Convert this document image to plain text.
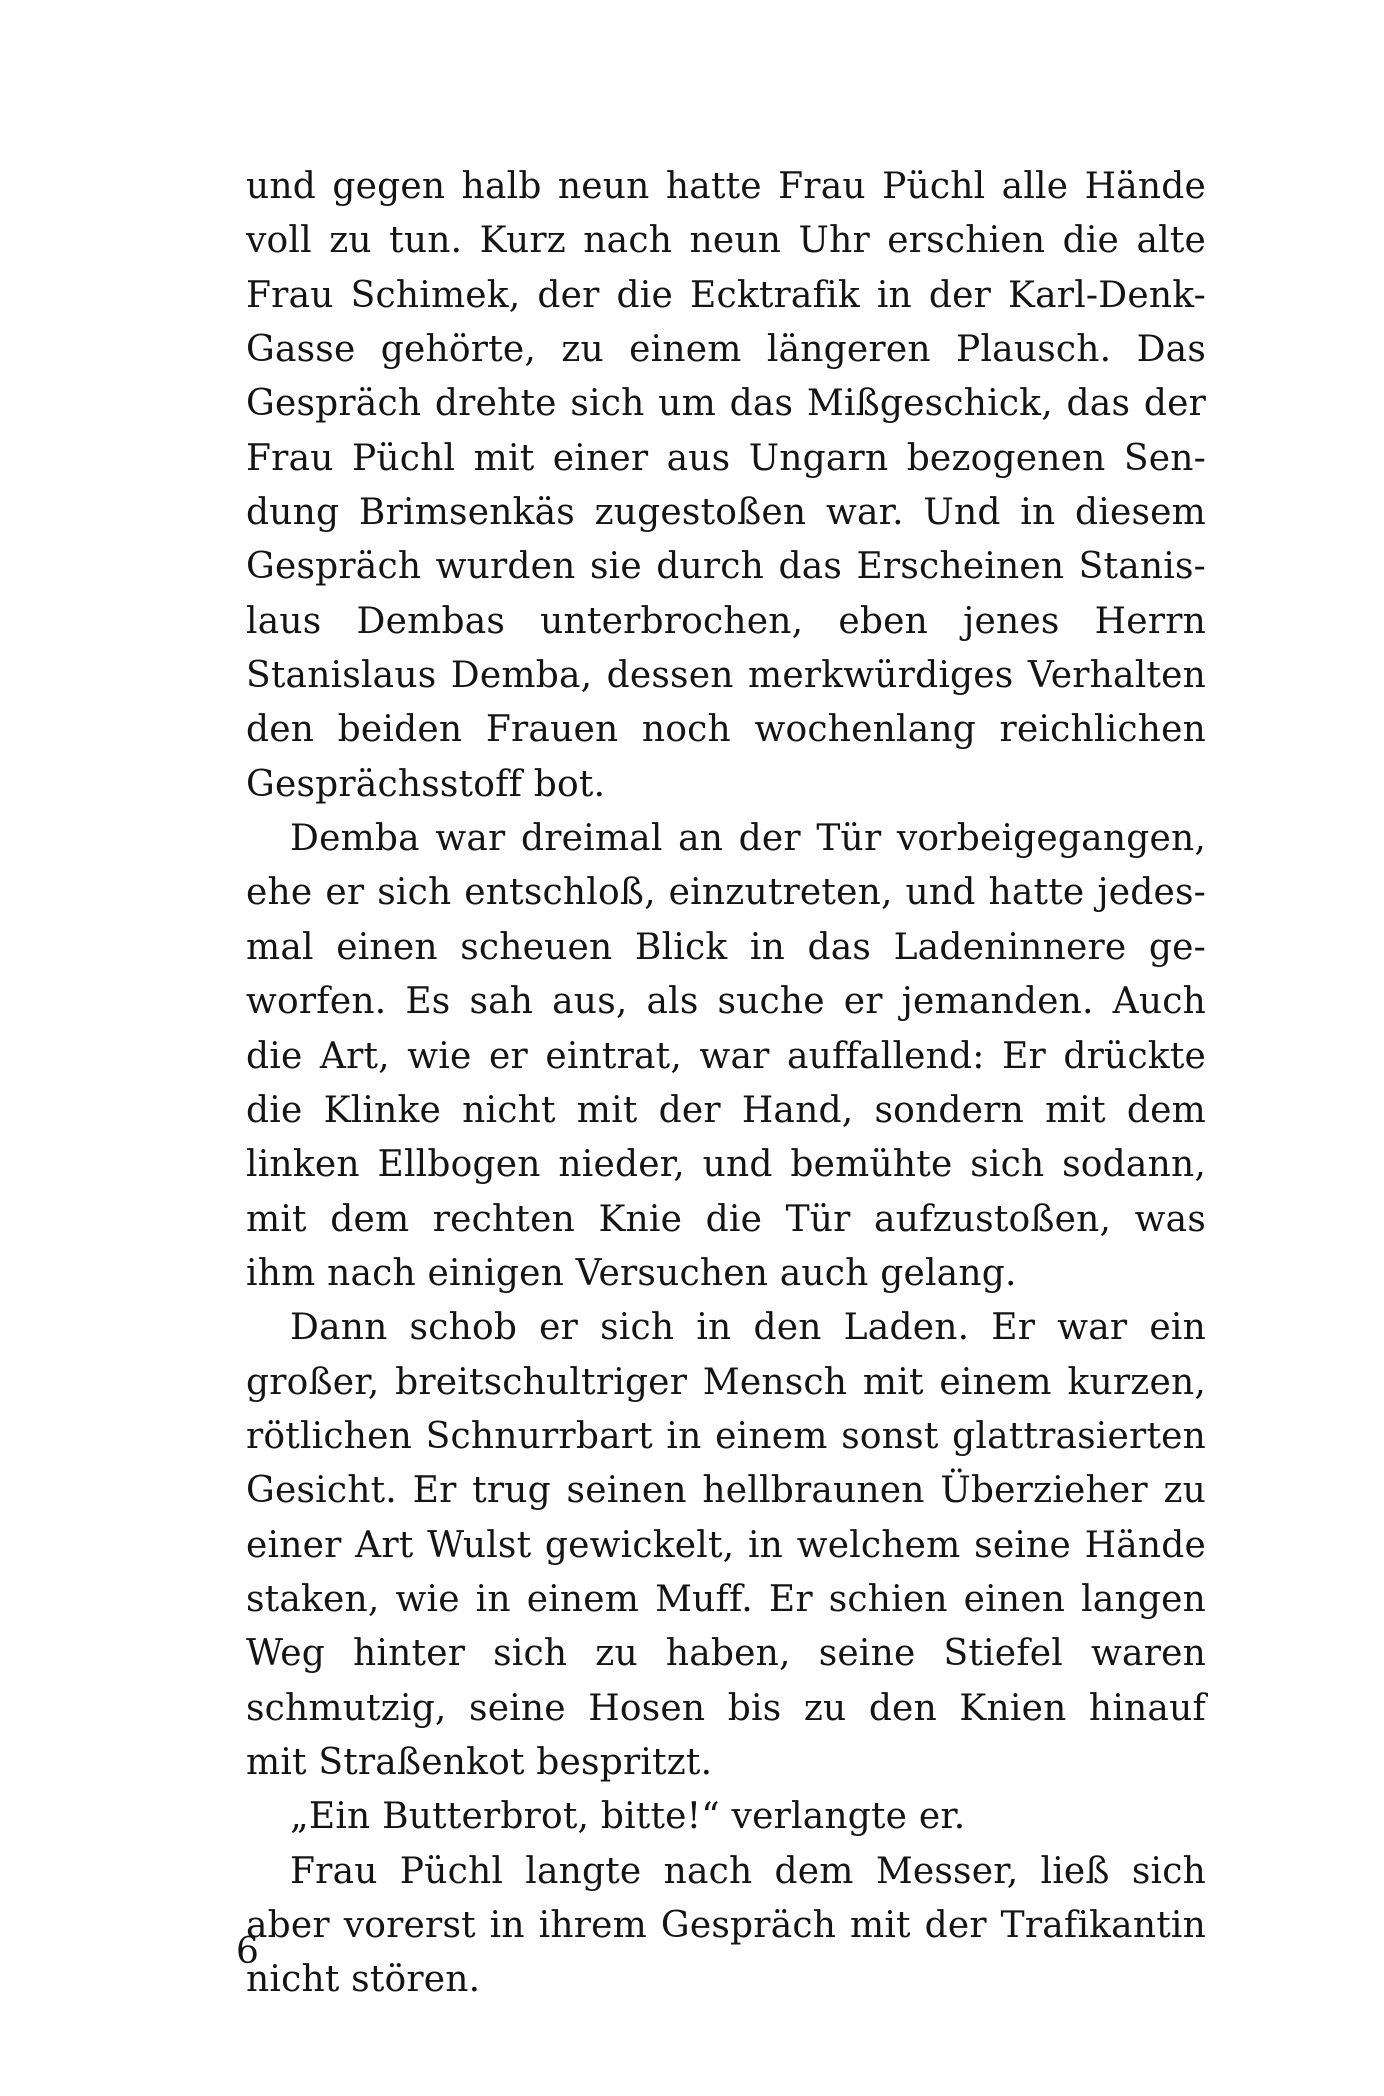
und gegen halb neun hatte Frau Püchl alle Hände
voll zu tun. Kurz nach neun Uhr erschien die alte
Frau Schimek, der die Ecktrafik in der Karl-Denk-
Gasse gehörte, zu einem längeren Plausch. Das
Gespräch drehte sich um das Mißgeschick, das der
Frau Püchl mit einer aus Ungarn bezogenen Sen-
dung Brimsenkäs zugestoßen war. Und in diesem
Gespräch wurden sie durch das Erscheinen Stanis-
laus Dembas unterbrochen, eben jenes Herrn
Stanislaus Demba, dessen merkwürdiges Verhalten
den beiden Frauen noch wochenlang reichlichen
Gesprächsstoff bot.
Demba war dreimal an der Tür vorbeigegangen,
ehe er sich entschloß, einzutreten, und hatte jedes-
mal einen scheuen Blick in das Ladeninnere ge-
worfen. Es sah aus, als suche er jemanden. Auch
die Art, wie er eintrat, war auffallend: Er drückte
die Klinke nicht mit der Hand, sondern mit dem
linken Ellbogen nieder, und bemühte sich sodann,
mit dem rechten Knie die Tür aufzustoßen, was
ihm nach einigen Versuchen auch gelang.
Dann schob er sich in den Laden. Er war ein
großer, breitschultriger Mensch mit einem kurzen,
rötlichen Schnurrbart in einem sonst glattrasierten
Gesicht. Er trug seinen hellbraunen Überzieher zu
einer Art Wulst gewickelt, in welchem seine Hände
staken, wie in einem Muff. Er schien einen langen
Weg hinter sich zu haben, seine Stiefel waren
schmutzig, seine Hosen bis zu den Knien hinauf
mit Straßenkot bespritzt.
„Ein Butterbrot, bitte!“ verlangte er.
Frau Püchl langte nach dem Messer, ließ sich
aber vorerst in ihrem Gespräch mit der Trafikantin
nicht stören.
6
